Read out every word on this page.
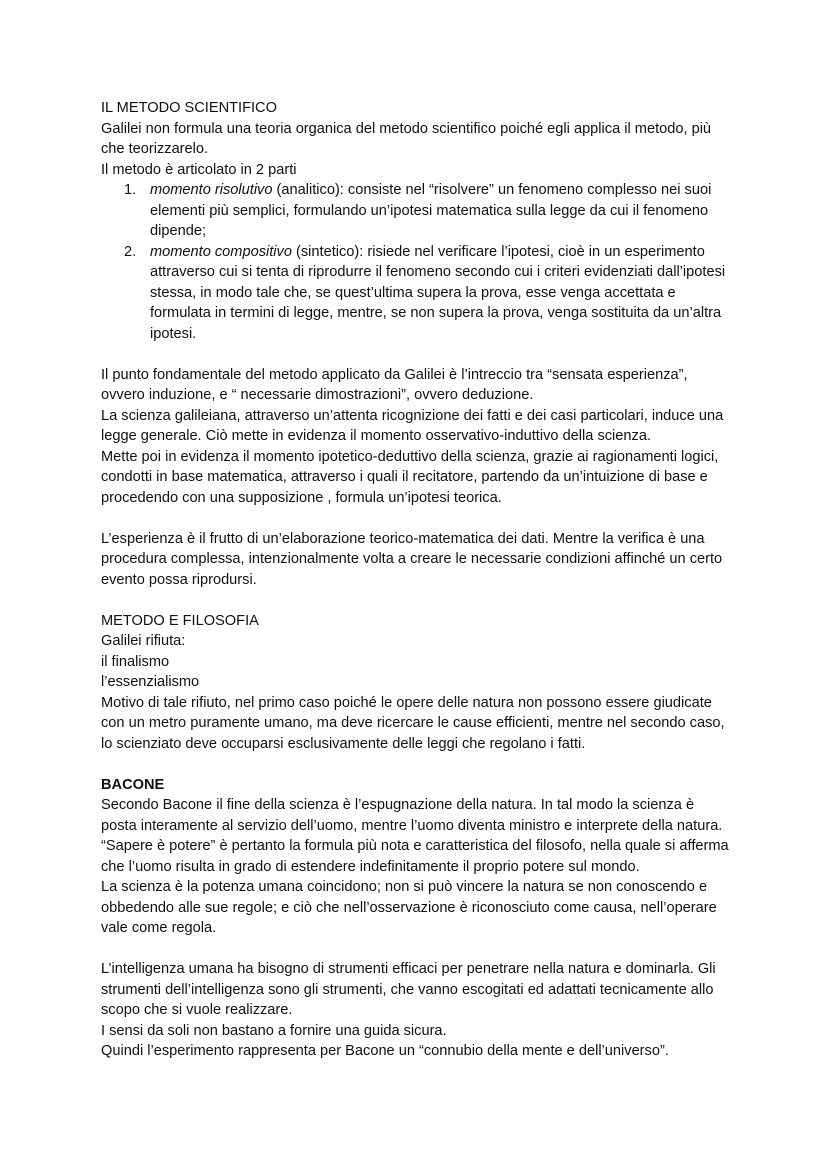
IL METODO SCIENTIFICO

Galilei non formula una teoria organica del metodo scientifico poiché egli applica il metodo, più che teorizzarelo.

Il metodo è articolato in 2 parti

1. momento risolutivo (analitico): consiste nel “risolvere” un fenomeno complesso nei suoi elementi più semplici, formulando un’ipotesi matematica sulla legge da cui il fenomeno dipende;
2. momento compositivo (sintetico): risiede nel verificare l’ipotesi, cioè in un esperimento attraverso cui si tenta di riprodurre il fenomeno secondo cui i criteri evidenziati dall’ipotesi stessa, in modo tale che, se quest’ultima supera la prova, esse venga accettata e formulata in termini di legge, mentre, se non supera la prova, venga sostituita da un’altra ipotesi.

Il punto fondamentale del metodo applicato da Galilei è l’intreccio tra “sensata esperienza”, ovvero induzione, e “ necessarie dimostrazioni”, ovvero deduzione.

La scienza galileiana, attraverso un’attenta ricognizione dei fatti e dei casi particolari, induce una legge generale. Ciò mette in evidenza il momento osservativo-induttivo della scienza.

Mette poi in evidenza il momento ipotetico-deduttivo della scienza, grazie ai ragionamenti logici, condotti in base matematica, attraverso i quali il recitatore, partendo da un’intuizione di base e procedendo con una supposizione , formula un’ipotesi teorica.

L’esperienza è il frutto di un’elaborazione teorico-matematica dei dati. Mentre la verifica è una procedura complessa, intenzionalmente volta a creare le necessarie condizioni affinché un certo evento possa riprodursi.

METODO E FILOSOFIA

Galilei rifiuta:

il finalismo

l’essenzialismo

Motivo di tale rifiuto, nel primo caso poiché le opere delle natura non possono essere giudicate con un metro puramente umano, ma deve ricercare le cause efficienti, mentre nel secondo caso, lo scienziato deve occuparsi esclusivamente delle leggi che regolano i fatti.

BACONE

Secondo Bacone il fine della scienza è l’espugnazione della natura. In tal modo la scienza è posta interamente al servizio dell’uomo, mentre l’uomo diventa ministro e interprete della natura.

“Sapere è potere” è pertanto la formula più nota e caratteristica del filosofo, nella quale si afferma che l’uomo risulta in grado di estendere indefinitamente il proprio potere sul mondo.

La scienza è la potenza umana coincidono; non si può vincere la natura se non conoscendo e obbedendo alle sue regole; e ciò che nell’osservazione è riconosciuto come causa, nell’operare vale come regola.

L’intelligenza umana ha bisogno di strumenti efficaci per penetrare nella natura e dominarla. Gli strumenti dell’intelligenza sono gli strumenti, che vanno escogitati ed adattati tecnicamente allo scopo che si vuole realizzare.

I sensi da soli non bastano a fornire una guida sicura.

Quindi l’esperimento rappresenta per Bacone un “connubio della mente e dell’universo”.
